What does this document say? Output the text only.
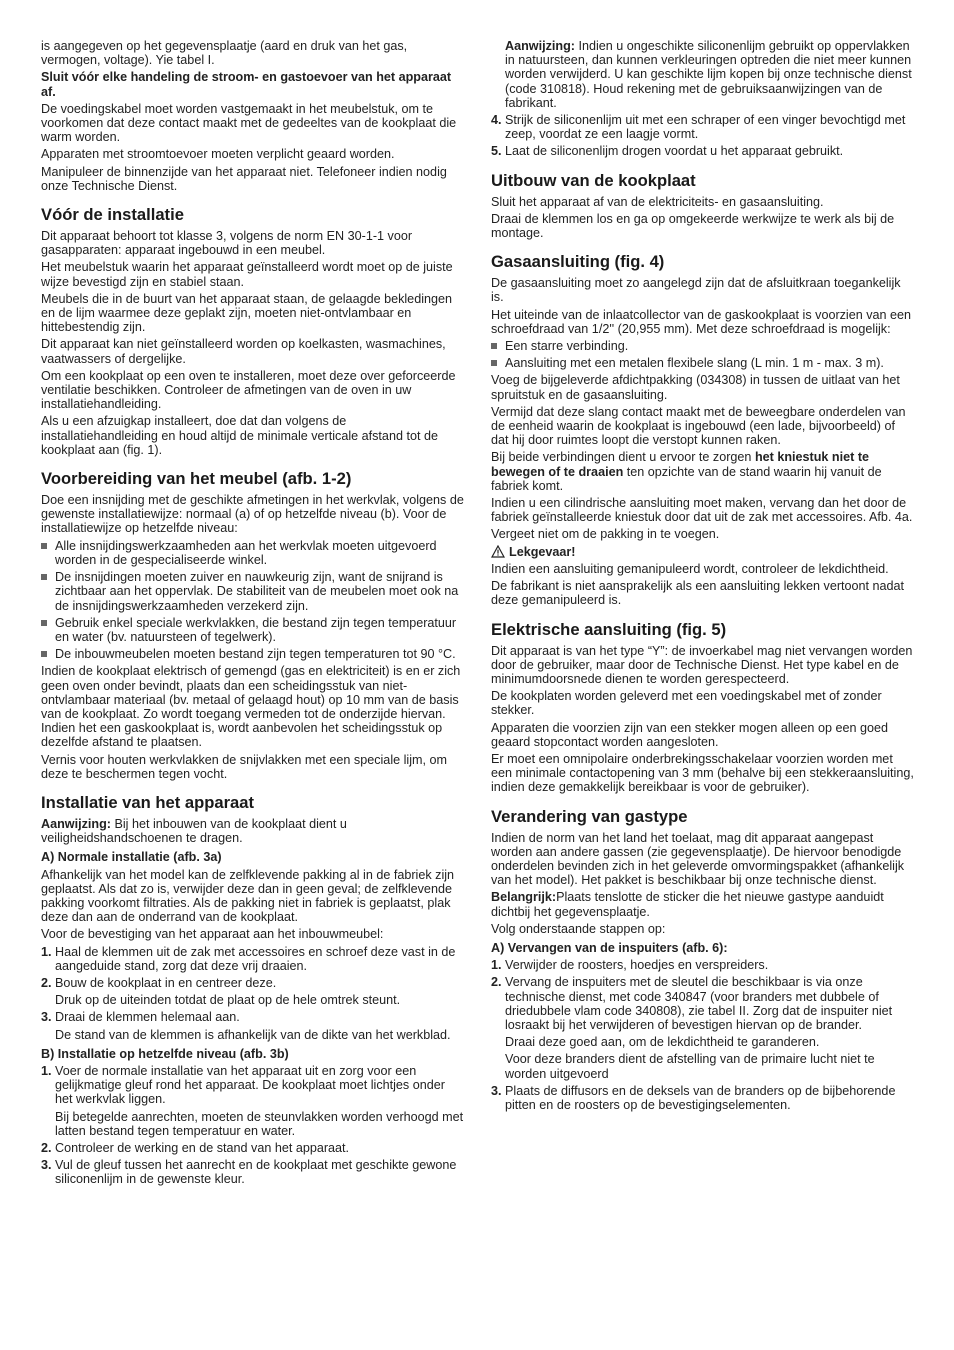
is aangegeven op het gegevensplaatje (aard en druk van het gas, vermogen, voltage). Yie tabel I.

Sluit vóór elke handeling de stroom- en gastoevoer van het apparaat af.

De voedingskabel moet worden vastgemaakt in het meubelstuk, om te voorkomen dat deze contact maakt met de gedeeltes van de kookplaat die warm worden.

Apparaten met stroomtoevoer moeten verplicht geaard worden.

Manipuleer de binnenzijde van het apparaat niet. Telefoneer indien nodig onze Technische Dienst.

Vóór de installatie

Dit apparaat behoort tot klasse 3, volgens de norm EN 30-1-1 voor gasapparaten: apparaat ingebouwd in een meubel.

Het meubelstuk waarin het apparaat geïnstalleerd wordt moet op de juiste wijze bevestigd zijn en stabiel staan.

Meubels die in de buurt van het apparaat staan, de gelaagde bekledingen en de lijm waarmee deze geplakt zijn, moeten niet-ontvlambaar en hittebestendig zijn.

Dit apparaat kan niet geïnstalleerd worden op koelkasten, wasmachines, vaatwassers of dergelijke.

Om een kookplaat op een oven te installeren, moet deze over geforceerde ventilatie beschikken. Controleer de afmetingen van de oven in uw installatiehandleiding.

Als u een afzuigkap installeert, doe dat dan volgens de installatiehandleiding en houd altijd de minimale verticale afstand tot de kookplaat aan (fig. 1).

Voorbereiding van het meubel (afb. 1-2)

Doe een insnijding met de geschikte afmetingen in het werkvlak, volgens de gewenste installatiewijze: normaal (a) of op hetzelfde niveau (b). Voor de installatiewijze op hetzelfde niveau:

Alle insnijdingswerkzaamheden aan het werkvlak moeten uitgevoerd worden in de gespecialiseerde winkel.
De insnijdingen moeten zuiver en nauwkeurig zijn, want de snijrand is zichtbaar aan het oppervlak. De stabiliteit van de meubelen moet ook na de insnijdingswerkzaamheden verzekerd zijn.
Gebruik enkel speciale werkvlakken, die bestand zijn tegen temperatuur en water (bv. natuursteen of tegelwerk).
De inbouwmeubelen moeten bestand zijn tegen temperaturen tot 90 °C.

Indien de kookplaat elektrisch of gemengd (gas en elektriciteit) is en er zich geen oven onder bevindt, plaats dan een scheidingsstuk van niet-ontvlambaar materiaal (bv. metaal of gelaagd hout) op 10 mm van de basis van de kookplaat. Zo wordt toegang vermeden tot de onderzijde hiervan. Indien het een gaskookplaat is, wordt aanbevolen het scheidingsstuk op dezelfde afstand te plaatsen.

Vernis voor houten werkvlakken de snijvlakken met een speciale lijm, om deze te beschermen tegen vocht.

Installatie van het apparaat

Aanwijzing: Bij het inbouwen van de kookplaat dient u veiligheidshandschoenen te dragen.

A) Normale installatie (afb. 3a)

Afhankelijk van het model kan de zelfklevende pakking al in de fabriek zijn geplaatst. Als dat zo is, verwijder deze dan in geen geval; de zelfklevende pakking voorkomt filtraties. Als de pakking niet in fabriek is geplaatst, plak deze dan aan de onderrand van de kookplaat.

Voor de bevestiging van het apparaat aan het inbouwmeubel:

1. Haal de klemmen uit de zak met accessoires en schroef deze vast in de aangeduide stand, zorg dat deze vrij draaien.
2. Bouw de kookplaat in en centreer deze.

Druk op de uiteinden totdat de plaat op de hele omtrek steunt.

3. Draai de klemmen helemaal aan.

De stand van de klemmen is afhankelijk van de dikte van het werkblad.

B) Installatie op hetzelfde niveau (afb. 3b)
1. Voer de normale installatie van het apparaat uit en zorg voor een gelijkmatige gleuf rond het apparaat. De kookplaat moet lichtjes onder het werkvlak liggen.

Bij betegelde aanrechten, moeten de steunvlakken worden verhoogd met latten bestand tegen temperatuur en water.

2. Controleer de werking en de stand van het apparaat.
3. Vul de gleuf tussen het aanrecht en de kookplaat met geschikte gewone siliconenlijm in de gewenste kleur.

Aanwijzing: Indien u ongeschikte siliconenlijm gebruikt op oppervlakken in natuursteen, dan kunnen verkleuringen optreden die niet meer kunnen worden verwijderd. U kan geschikte lijm kopen bij onze technische dienst (code 310818). Houd rekening met de gebruiksaanwijzingen van de fabrikant.

4. Strijk de siliconenlijm uit met een schraper of een vinger bevochtigd met zeep, voordat ze een laagje vormt.
5. Laat de siliconenlijm drogen voordat u het apparaat gebruikt.
Uitbouw van de kookplaat

Sluit het apparaat af van de elektriciteits- en gasaansluiting.

Draai de klemmen los en ga op omgekeerde werkwijze te werk als bij de montage.

Gasaansluiting (fig. 4)

De gasaansluiting moet zo aangelegd zijn dat de afsluitkraan toegankelijk is.

Het uiteinde van de inlaatcollector van de gaskookplaat is voorzien van een schroefdraad van 1/2'' (20,955 mm). Met deze schroefdraad is mogelijk:

Een starre verbinding.
Aansluiting met een metalen flexibele slang (L min. 1 m - max. 3 m).

Voeg de bijgeleverde afdichtpakking (034308) in tussen de uitlaat van het spruitstuk en de gasaansluiting.

Vermijd dat deze slang contact maakt met de beweegbare onderdelen van de eenheid waarin de kookplaat is ingebouwd (een lade, bijvoorbeeld) of dat hij door ruimtes loopt die verstopt kunnen raken.

Bij beide verbindingen dient u ervoor te zorgen het kniestuk niet te bewegen of te draaien ten opzichte van de stand waarin hij vanuit de fabriek komt.

Indien u een cilindrische aansluiting moet maken, vervang dan het door de fabriek geïnstalleerde kniestuk door dat uit de zak met accessoires. Afb. 4a.

Vergeet niet om de pakking in te voegen.

Lekgevaar!

Indien een aansluiting gemanipuleerd wordt, controleer de lekdichtheid.

De fabrikant is niet aansprakelijk als een aansluiting lekken vertoont nadat deze gemanipuleerd is.

Elektrische aansluiting (fig. 5)

Dit apparaat is van het type “Y”: de invoerkabel mag niet vervangen worden door de gebruiker, maar door de Technische Dienst. Het type kabel en de minimumdoorsnede dienen te worden gerespecteerd.

De kookplaten worden geleverd met een voedingskabel met of zonder stekker.

Apparaten die voorzien zijn van een stekker mogen alleen op een goed geaard stopcontact worden aangesloten.

Er moet een omnipolaire onderbrekingsschakelaar voorzien worden met een minimale contactopening van 3 mm (behalve bij een stekkeraansluiting, indien deze gemakkelijk bereikbaar is voor de gebruiker).

Verandering van gastype

Indien de norm van het land het toelaat, mag dit apparaat aangepast worden aan andere gassen (zie gegevensplaatje). De hiervoor benodigde onderdelen bevinden zich in het geleverde omvormingspakket (afhankelijk van het model). Het pakket is beschikbaar bij onze technische dienst.

Belangrijk:Plaats tenslotte de sticker die het nieuwe gastype aanduidt dichtbij het gegevensplaatje.

Volg onderstaande stappen op:

A) Vervangen van de inspuiters (afb. 6):
1. Verwijder de roosters, hoedjes en verspreiders.
2. Vervang de inspuiters met de sleutel die beschikbaar is via onze technische dienst, met code 340847 (voor branders met dubbele of driedubbele vlam code 340808), zie tabel II. Zorg dat de inspuiter niet losraakt bij het verwijderen of bevestigen hiervan op de brander.

Draai deze goed aan, om de lekdichtheid te garanderen.

Voor deze branders dient de afstelling van de primaire lucht niet te worden uitgevoerd

3. Plaats de diffusors en de deksels van de branders op de bijbehorende pitten en de roosters op de bevestigingselementen.
